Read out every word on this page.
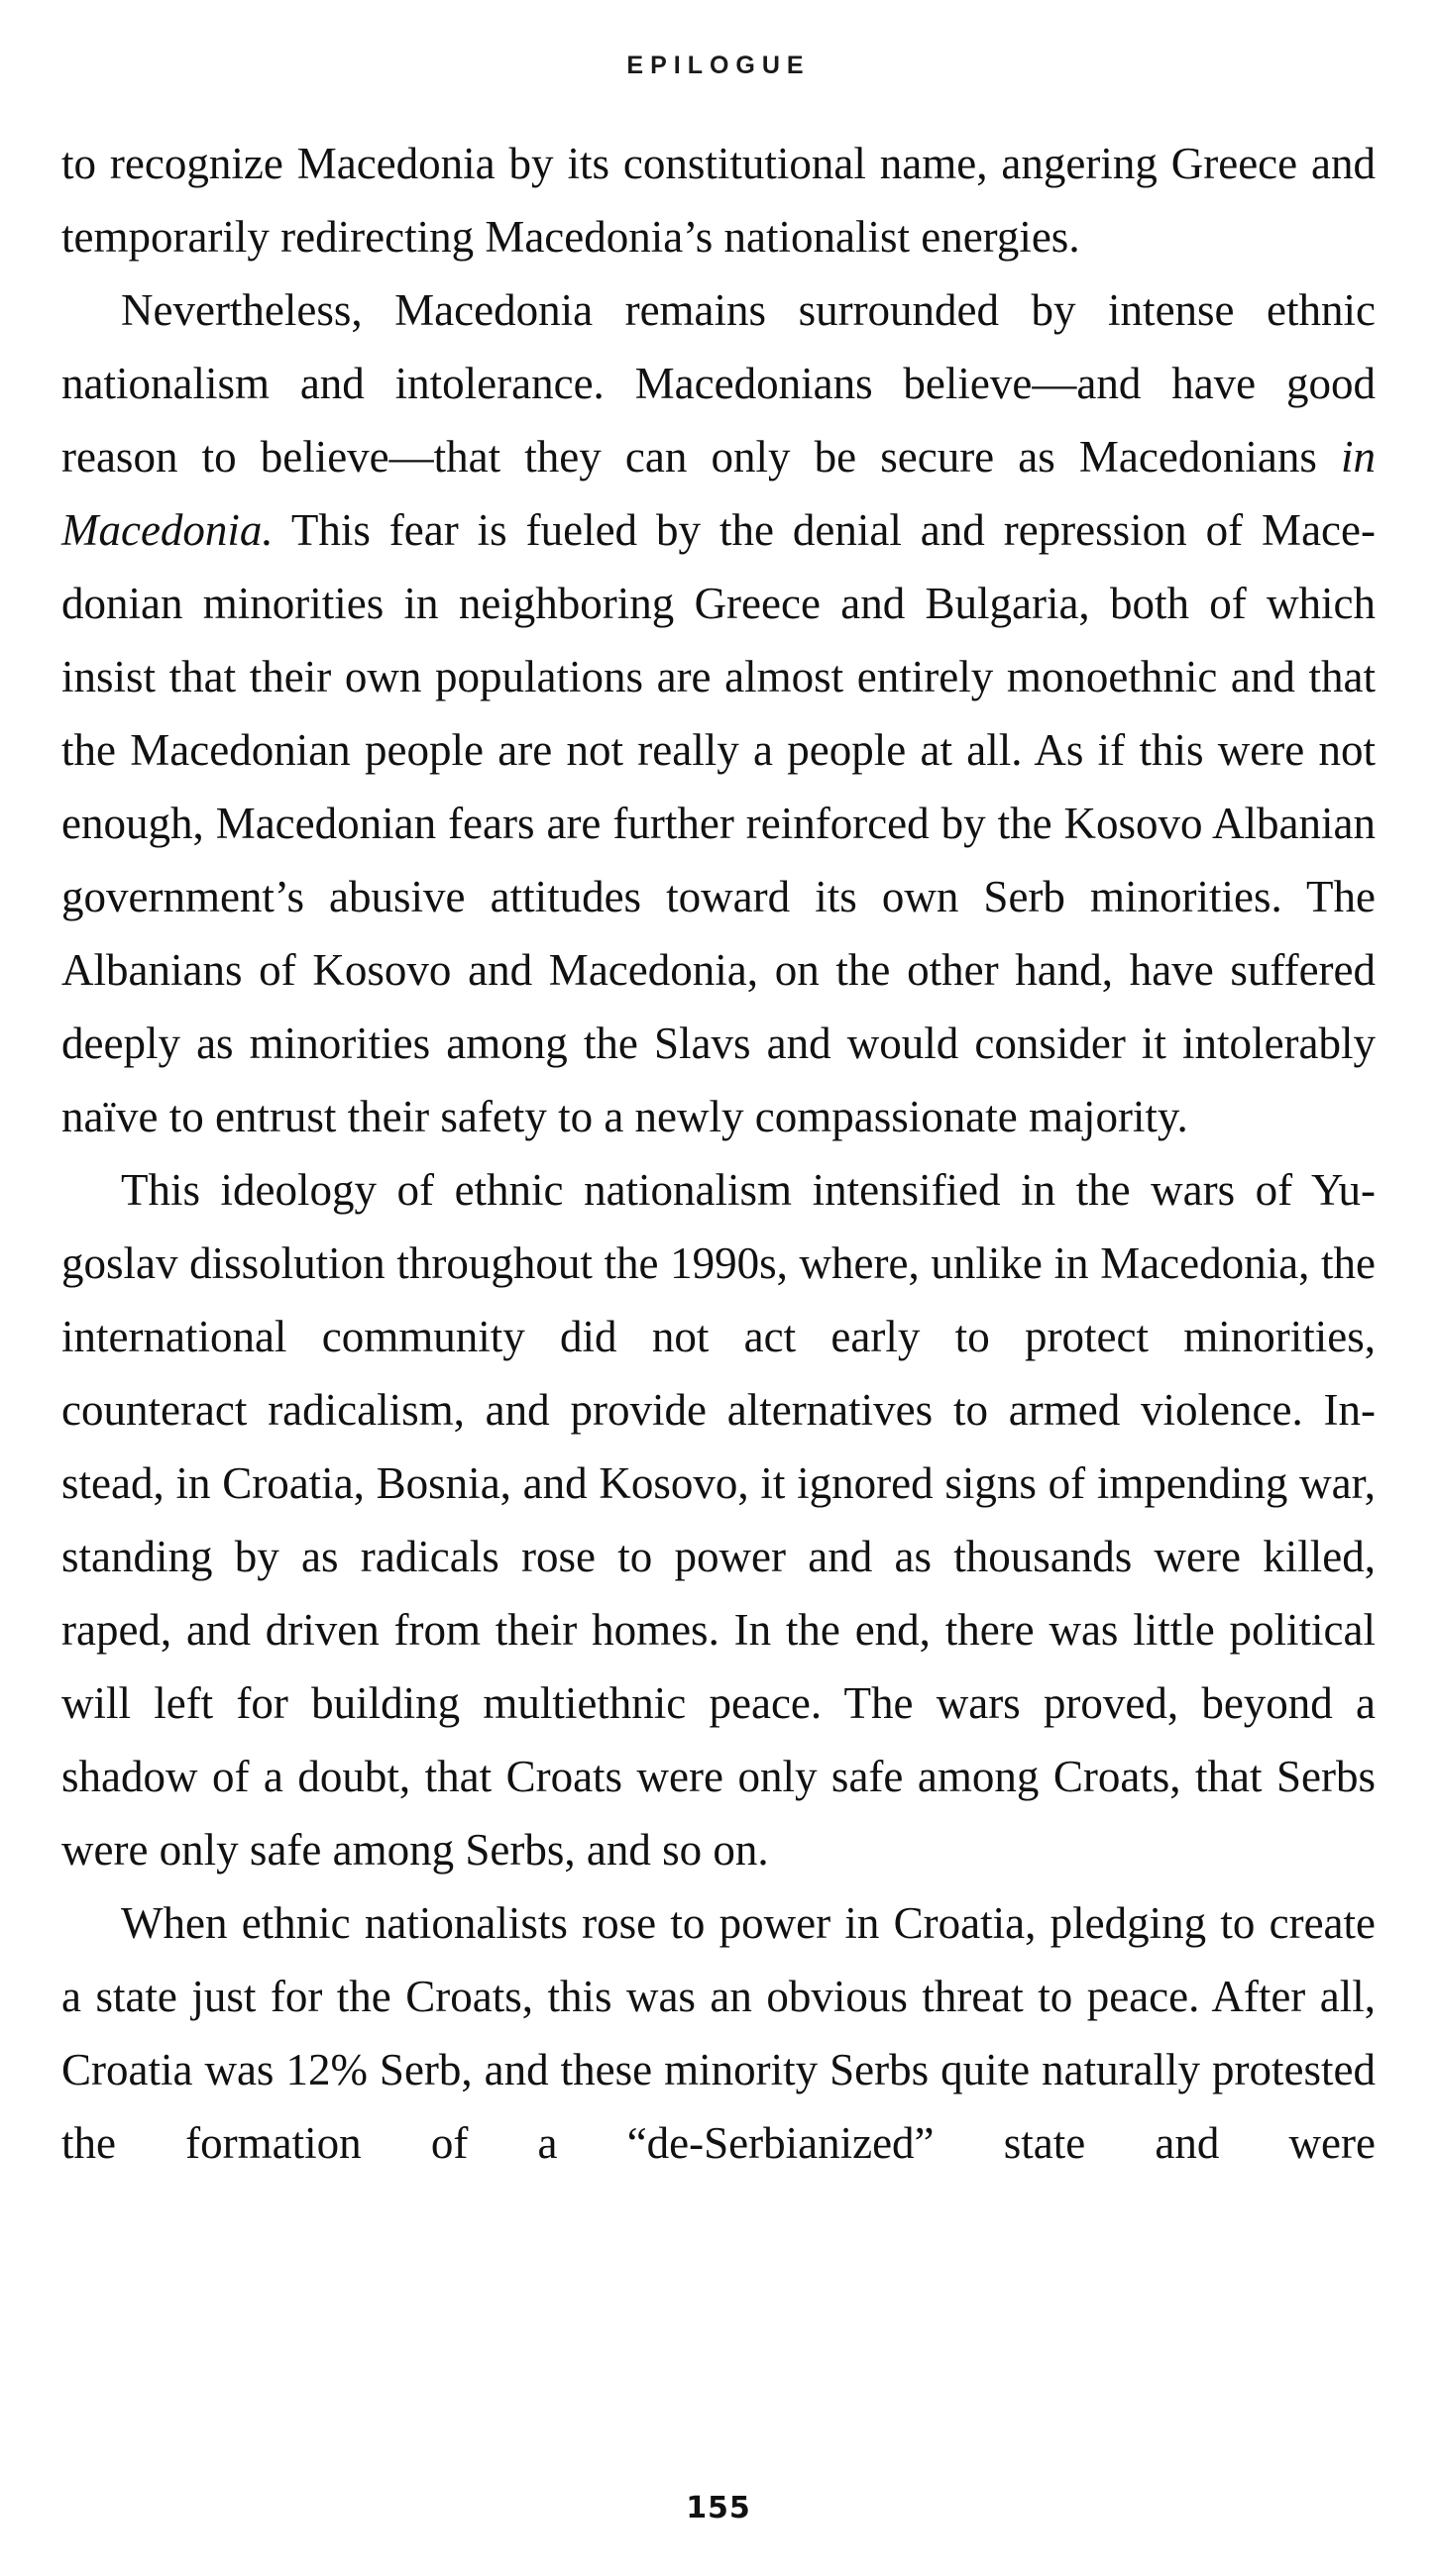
EPILOGUE

to recognize Macedonia by its constitutional name, angering Greece and temporarily redirecting Macedonia’s nationalist energies.

Nevertheless, Macedonia remains surrounded by intense ethnic nationalism and intolerance. Macedonians believe—and have good reason to believe—that they can only be secure as Macedonians in Macedonia. This fear is fueled by the denial and repression of Macedonian minorities in neighboring Greece and Bulgaria, both of which insist that their own populations are almost entirely monoethnic and that the Macedonian people are not really a people at all. As if this were not enough, Macedonian fears are further reinforced by the Kosovo Albanian government’s abusive attitudes toward its own Serb minorities. The Albanians of Kosovo and Macedonia, on the other hand, have suffered deeply as minorities among the Slavs and would consider it intolerably naïve to entrust their safety to a newly compassionate majority.

This ideology of ethnic nationalism intensified in the wars of Yugoslav dissolution throughout the 1990s, where, unlike in Macedonia, the international community did not act early to protect minorities, counteract radicalism, and provide alternatives to armed violence. Instead, in Croatia, Bosnia, and Kosovo, it ignored signs of impending war, standing by as radicals rose to power and as thousands were killed, raped, and driven from their homes. In the end, there was little political will left for building multiethnic peace. The wars proved, beyond a shadow of a doubt, that Croats were only safe among Croats, that Serbs were only safe among Serbs, and so on.

When ethnic nationalists rose to power in Croatia, pledging to create a state just for the Croats, this was an obvious threat to peace. After all, Croatia was 12% Serb, and these minority Serbs quite naturally protested the formation of a “de-Serbianized” state and were

155
